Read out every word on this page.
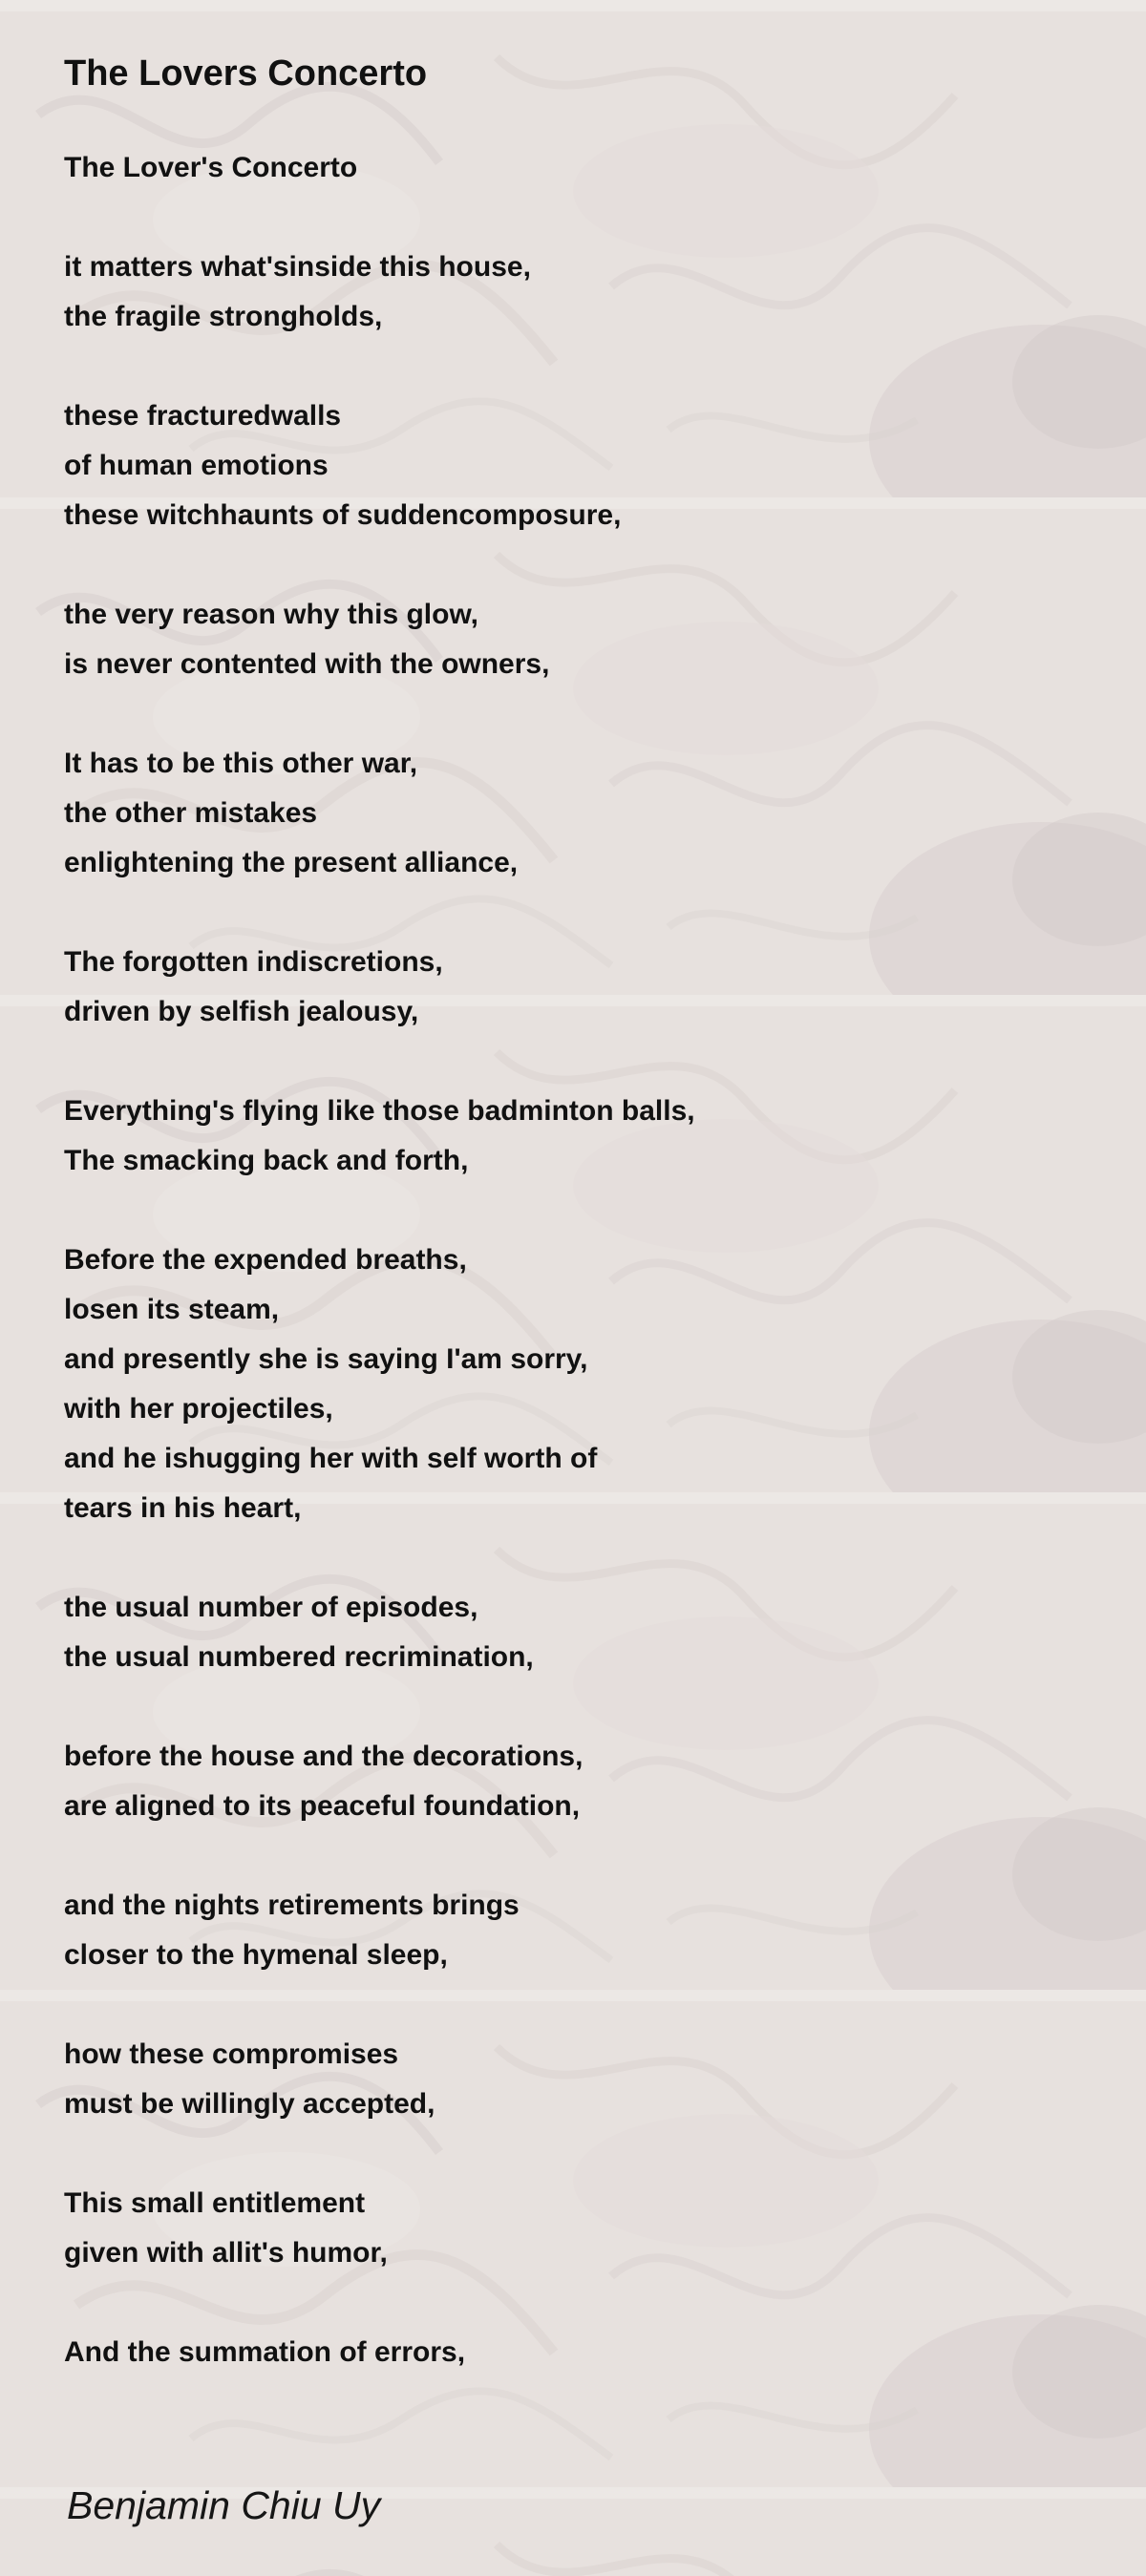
The Lovers Concerto
The Lover's Concerto
it matters what'sinside this house,
the fragile strongholds,
these fracturedwalls
of human emotions
these witchhaunts of suddencomposure,
the very reason why this glow,
is never contented with the owners,
It has to be this other war,
the other mistakes
enlightening the present alliance,
The forgotten indiscretions,
driven by selfish jealousy,
Everything's flying like those badminton balls,
The smacking back and forth,
Before the expended breaths,
losen its steam,
and presently she is saying I'am sorry,
with her projectiles,
and he ishugging her with self worth of
tears in his heart,
the usual number of episodes,
the usual numbered recrimination,
before the house and the decorations,
are aligned to its peaceful foundation,
and the nights retirements brings
closer to the hymenal sleep,
how these compromises
must be willingly accepted,
This small entitlement
given with allit's humor,
And the summation of errors,

Benjamin Chiu Uy
